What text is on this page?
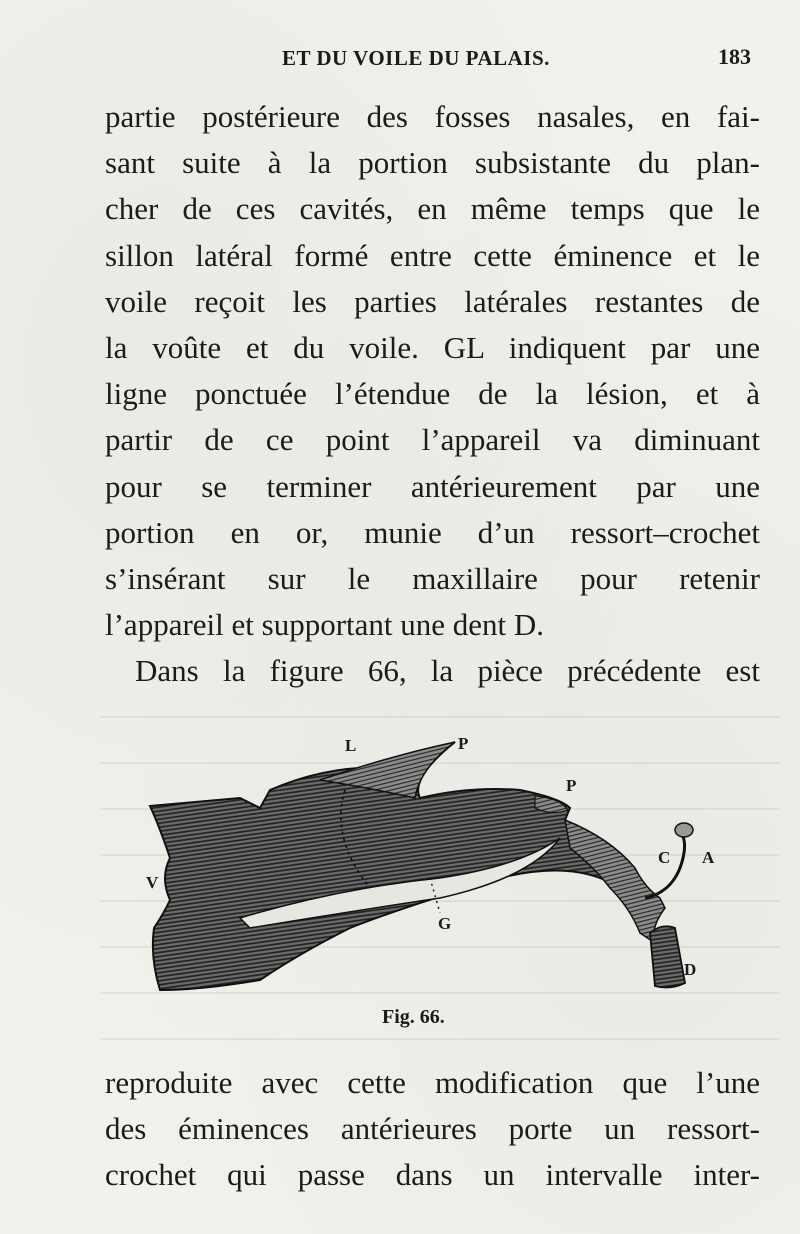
ET DU VOILE DU PALAIS.	183
partie postérieure des fosses nasales, en fai-
sant suite à la portion subsistante du plan-
cher de ces cavités, en même temps que le
sillon latéral formé entre cette éminence et le
voile reçoit les parties latérales restantes de
la voûte et du voile. GL indiquent par une
ligne ponctuée l’étendue de la lésion, et à
partir de ce point l’appareil va diminuant
pour se terminer antérieurement par une
portion en or, munie d’un ressort–crochet
s’insérant sur le maxillaire pour retenir
l’appareil et supportant une dent D.
Dans la figure 66, la pièce précédente est
L	P
P
V
G
C A
D
Fig. 66.
reproduite avec cette modification que l’une
des éminences antérieures porte un ressort-
crochet qui passe dans un intervalle inter-
